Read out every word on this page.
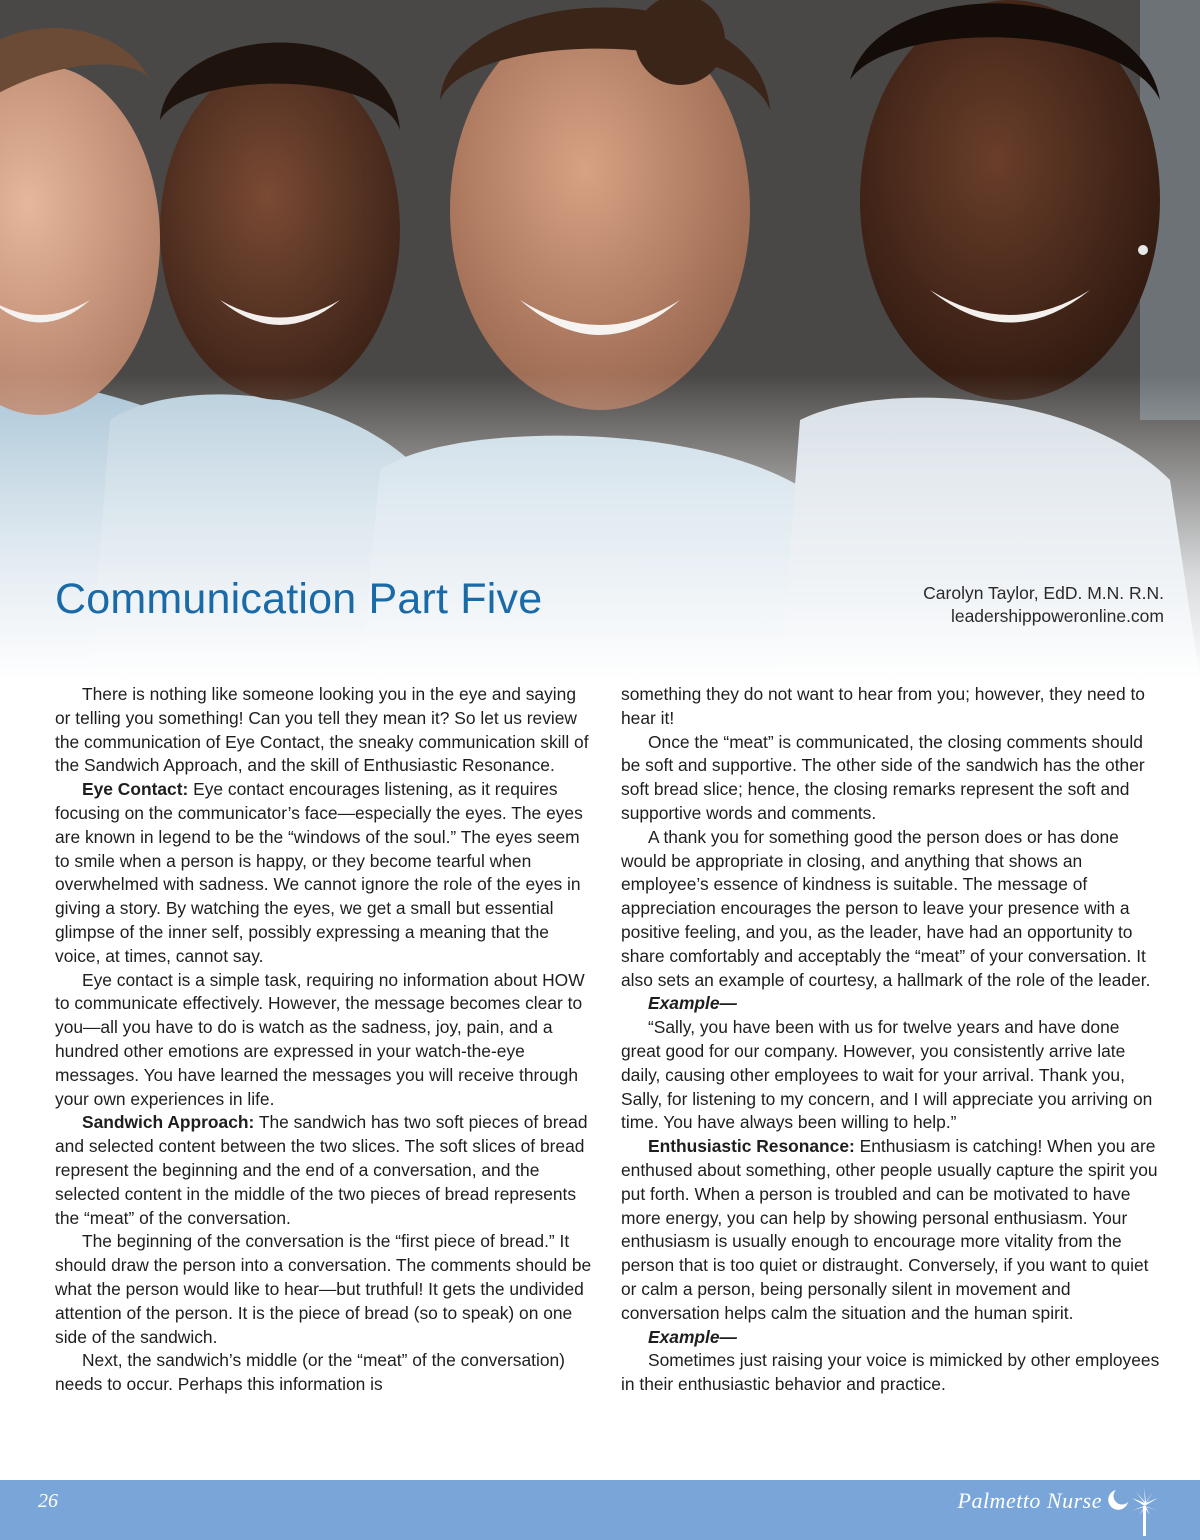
Communication Part Five	Carolyn Taylor, EdD. M.N. R.N.
leadershippoweronline.com

There is nothing like someone looking you in the eye and saying or telling you something! Can you tell they mean it? So let us review the communication of Eye Contact, the sneaky communication skill of the Sandwich Approach, and the skill of Enthusiastic Resonance.

Eye Contact: Eye contact encourages listening, as it requires focusing on the communicator’s face—especially the eyes. The eyes are known in legend to be the “windows of the soul.” The eyes seem to smile when a person is happy, or they become tearful when overwhelmed with sadness. We cannot ignore the role of the eyes in giving a story. By watching the eyes, we get a small but essential glimpse of the inner self, possibly expressing a meaning that the voice, at times, cannot say.

Eye contact is a simple task, requiring no information about HOW to communicate effectively. However, the message becomes clear to you—all you have to do is watch as the sadness, joy, pain, and a hundred other emotions are expressed in your watch-the-eye messages. You have learned the messages you will receive through your own experiences in life.

Sandwich Approach: The sandwich has two soft pieces of bread and selected content between the two slices. The soft slices of bread represent the beginning and the end of a conversation, and the selected content in the middle of the two pieces of bread represents the “meat” of the conversation.

The beginning of the conversation is the “first piece of bread.” It should draw the person into a conversation. The comments should be what the person would like to hear—but truthful! It gets the undivided attention of the person. It is the piece of bread (so to speak) on one side of the sandwich.

Next, the sandwich’s middle (or the “meat” of the conversation) needs to occur. Perhaps this information is

something they do not want to hear from you; however, they need to hear it!

Once the “meat” is communicated, the closing comments should be soft and supportive. The other side of the sandwich has the other soft bread slice; hence, the closing remarks represent the soft and supportive words and comments.

A thank you for something good the person does or has done would be appropriate in closing, and anything that shows an employee’s essence of kindness is suitable. The message of appreciation encourages the person to leave your presence with a positive feeling, and you, as the leader, have had an opportunity to share comfortably and acceptably the “meat” of your conversation. It also sets an example of courtesy, a hallmark of the role of the leader.

Example—

“Sally, you have been with us for twelve years and have done great good for our company. However, you consistently arrive late daily, causing other employees to wait for your arrival. Thank you, Sally, for listening to my concern, and I will appreciate you arriving on time. You have always been willing to help.”

Enthusiastic Resonance: Enthusiasm is catching! When you are enthused about something, other people usually capture the spirit you put forth. When a person is troubled and can be motivated to have more energy, you can help by showing personal enthusiasm. Your enthusiasm is usually enough to encourage more vitality from the person that is too quiet or distraught. Conversely, if you want to quiet or calm a person, being personally silent in movement and conversation helps calm the situation and the human spirit.

Example—

Sometimes just raising your voice is mimicked by other employees in their enthusiastic behavior and practice.

26	Palmetto Nurse
